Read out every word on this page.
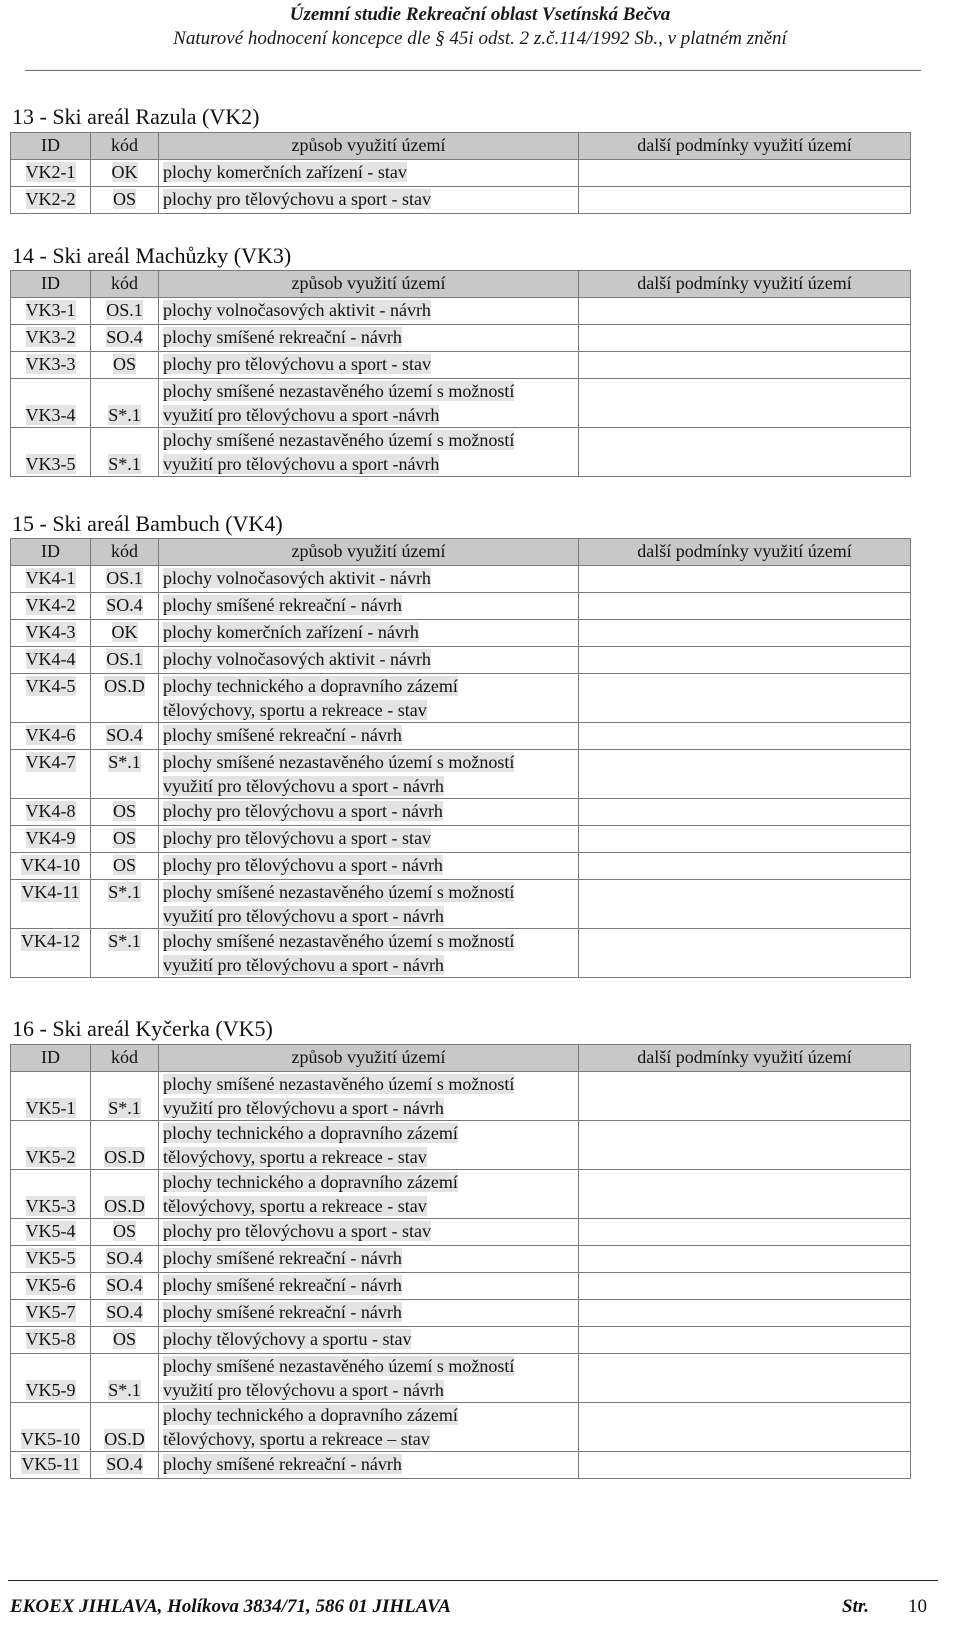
Územní studie Rekreační oblast Vsetínská Bečva
Naturové hodnocení koncepce dle § 45i odst. 2 z.č.114/1992 Sb., v platném znění
_____
13 - Ski areál Razula (VK2)
ID	kód	způsob využití území	další podmínky využití území
VK2-1	OK	plochy komerčních zařízení - stav	
VK2-2	OS	plochy pro tělovýchovu a sport - stav	
14 - Ski areál Machůzky (VK3)
ID	kód	způsob využití území	další podmínky využití území
VK3-1	OS.1	plochy volnočasových aktivit - návrh	
VK3-2	SO.4	plochy smíšené rekreační - návrh	
VK3-3	OS	plochy pro tělovýchovu a sport - stav	
VK3-4	S*.1	plochy smíšené nezastavěného území s možností
využití pro tělovýchovu a sport -návrh	
VK3-5	S*.1	plochy smíšené nezastavěného území s možností
využití pro tělovýchovu a sport -návrh	
15 - Ski areál Bambuch (VK4)
ID	kód	způsob využití území	další podmínky využití území
VK4-1	OS.1	plochy volnočasových aktivit - návrh	
VK4-2	SO.4	plochy smíšené rekreační - návrh	
VK4-3	OK	plochy komerčních zařízení - návrh	
VK4-4	OS.1	plochy volnočasových aktivit - návrh	
VK4-5	OS.D	plochy technického a dopravního zázemí
tělovýchovy, sportu a rekreace - stav	
VK4-6	SO.4	plochy smíšené rekreační - návrh	
VK4-7	S*.1	plochy smíšené nezastavěného území s možností
využití pro tělovýchovu a sport - návrh	
VK4-8	OS	plochy pro tělovýchovu a sport - návrh	
VK4-9	OS	plochy pro tělovýchovu a sport - stav	
VK4-10	OS	plochy pro tělovýchovu a sport - návrh	
VK4-11	S*.1	plochy smíšené nezastavěného území s možností
využití pro tělovýchovu a sport - návrh	
VK4-12	S*.1	plochy smíšené nezastavěného území s možností
využití pro tělovýchovu a sport - návrh	
16 - Ski areál Kyčerka (VK5)
ID	kód	způsob využití území	další podmínky využití území
VK5-1	S*.1	plochy smíšené nezastavěného území s možností
využití pro tělovýchovu a sport - návrh	
VK5-2	OS.D	plochy technického a dopravního zázemí
tělovýchovy, sportu a rekreace - stav	
VK5-3	OS.D	plochy technického a dopravního zázemí
tělovýchovy, sportu a rekreace - stav	
VK5-4	OS	plochy pro tělovýchovu a sport - stav	
VK5-5	SO.4	plochy smíšené rekreační - návrh	
VK5-6	SO.4	plochy smíšené rekreační - návrh	
VK5-7	SO.4	plochy smíšené rekreační - návrh	
VK5-8	OS	plochy tělovýchovy a sportu - stav	
VK5-9	S*.1	plochy smíšené nezastavěného území s možností
využití pro tělovýchovu a sport - návrh	
VK5-10	OS.D	plochy technického a dopravního zázemí
tělovýchovy, sportu a rekreace – stav	
VK5-11	SO.4	plochy smíšené rekreační - návrh	
EKOEX JIHLAVA, Holíkova 3834/71, 586 01 JIHLAVA	Str. 10
